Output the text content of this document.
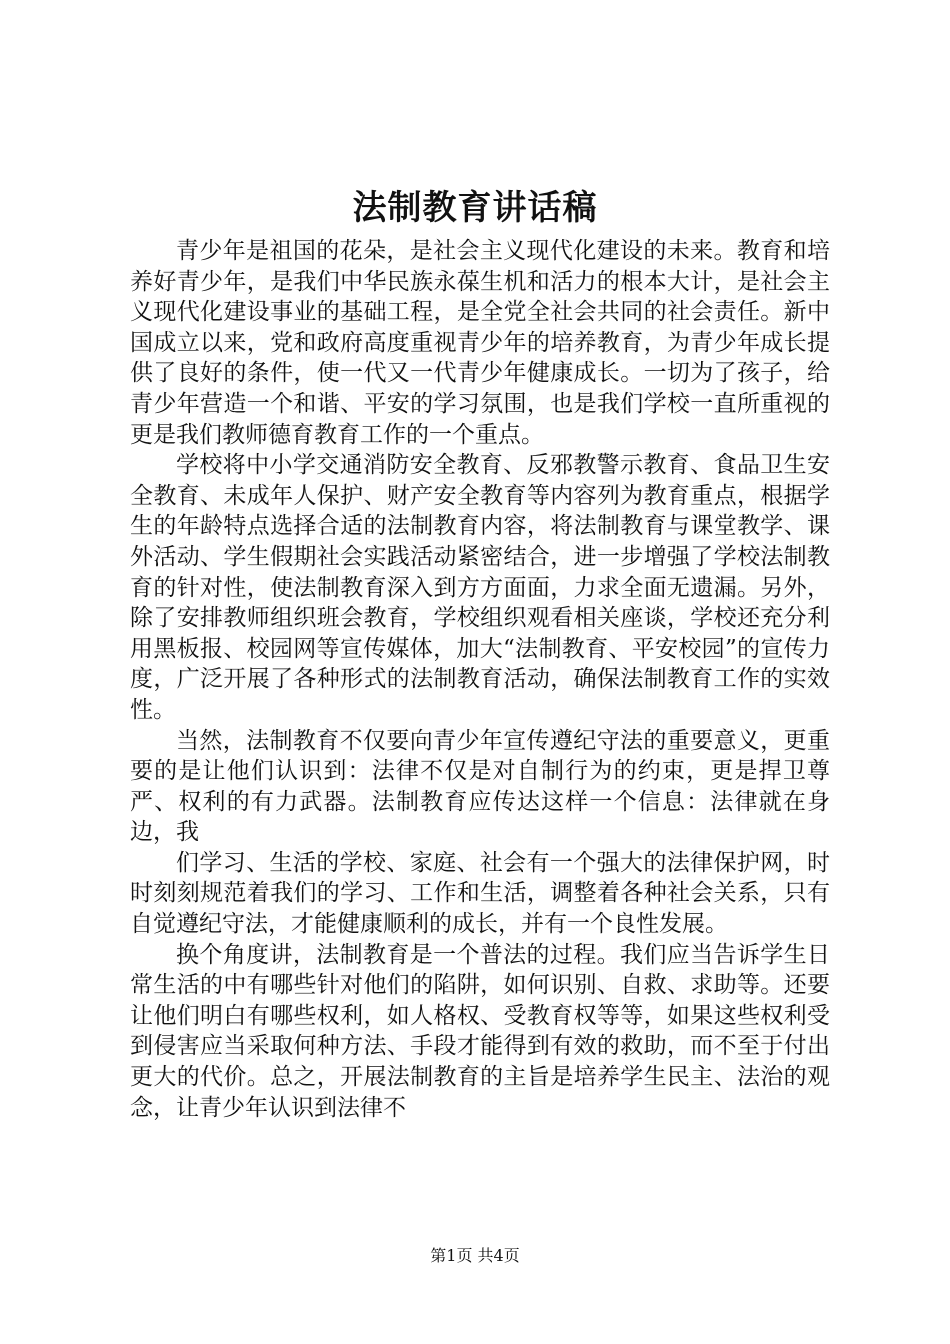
法制教育讲话稿

青少年是祖国的花朵，是社会主义现代化建设的未来。教育和培养好青少年，是我们中华民族永葆生机和活力的根本大计，是社会主义现代化建设事业的基础工程，是全党全社会共同的社会责任。新中国成立以来，党和政府高度重视青少年的培养教育，为青少年成长提供了良好的条件，使一代又一代青少年健康成长。一切为了孩子，给青少年营造一个和谐、平安的学习氛围，也是我们学校一直所重视的更是我们教师德育教育工作的一个重点。

学校将中小学交通消防安全教育、反邪教警示教育、食品卫生安全教育、未成年人保护、财产安全教育等内容列为教育重点，根据学生的年龄特点选择合适的法制教育内容，将法制教育与课堂教学、课外活动、学生假期社会实践活动紧密结合，进一步增强了学校法制教育的针对性，使法制教育深入到方方面面，力求全面无遗漏。另外，除了安排教师组织班会教育，学校组织观看相关座谈，学校还充分利用黑板报、校园网等宣传媒体，加大“法制教育、平安校园”的宣传力度，广泛开展了各种形式的法制教育活动，确保法制教育工作的实效性。

当然，法制教育不仅要向青少年宣传遵纪守法的重要意义，更重要的是让他们认识到：法律不仅是对自制行为的约束，更是捍卫尊严、权利的有力武器。法制教育应传达这样一个信息：法律就在身边，我

们学习、生活的学校、家庭、社会有一个强大的法律保护网，时时刻刻规范着我们的学习、工作和生活，调整着各种社会关系，只有自觉遵纪守法，才能健康顺利的成长，并有一个良性发展。

换个角度讲，法制教育是一个普法的过程。我们应当告诉学生日常生活的中有哪些针对他们的陷阱，如何识别、自救、求助等。还要让他们明白有哪些权利，如人格权、受教育权等等，如果这些权利受到侵害应当采取何种方法、手段才能得到有效的救助，而不至于付出更大的代价。总之，开展法制教育的主旨是培养学生民主、法治的观念，让青少年认识到法律不

第1页 共4页
